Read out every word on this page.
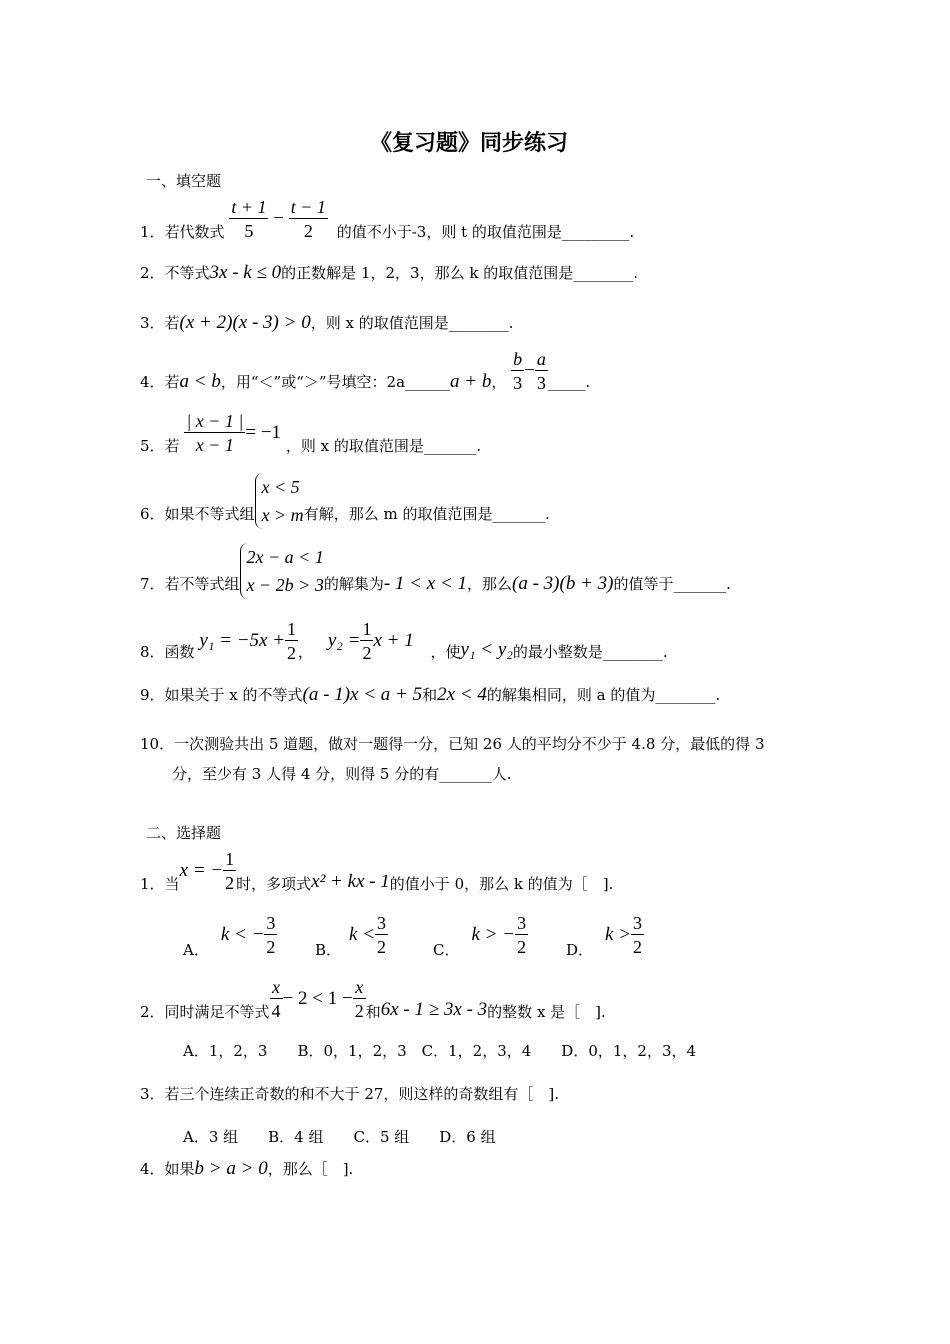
《复习题》同步练习
一、填空题
1．若代数式 $\frac{t + 1}{5} - \frac{t - 1}{2}$ 的值不小于-3，则 t 的取值范围是_________.
2．不等式3x - k ≤ 0的正数解是 1，2，3，那么 k 的取值范围是________.
3．若(x + 2)(x - 3) > 0，则 x 的取值范围是________.
4．若a < b，用“＜”或“＞”号填空：2a______a + b， $\frac{b}{3} - \frac{a}{3}$ _____.
5．若 $\frac{| x - 1 |}{x - 1} = -1$ ，则 x 的取值范围是_______.
6．如果不等式组
x < 5
x > m 有解，那么 m 的取值范围是_______.
7．若不等式组
2x − a < 1
x − 2b > 3 的解集为- 1 < x < 1，那么(a - 3)(b + 3)的值等于_______.
8．函数 $y_1 = -5x + \frac{1}{2}$ ， $y_2 = \frac{1}{2}$ x + 1 ，使y₁ < y₂的最小整数是________.
9．如果关于 x 的不等式(a - 1)x < a + 5和2x < 4的解集相同，则 a 的值为________.
10．一次测验共出 5 道题，做对一题得一分，已知 26 人的平均分不少于 4.8 分，最低的得 3
分，至少有 3 人得 4 分，则得 5 分的有_______人.
二、选择题
1．当x = − $\frac{1}{2}$ 时，多项式x² + kx - 1的值小于 0，那么 k 的值为［　].
A．k < − $\frac{3}{2}$	B．$k < \frac{3}{2}$	C．k > − $\frac{3}{2}$	D．$k > \frac{3}{2}$
2．同时满足不等式 $\frac{x}{4} - 2 < 1 - \frac{x}{2}$ 和6x - 1 ≥ 3x - 3的整数 x 是［　].
A．1，2，3　　B．0，1，2，3　C．1，2，3，4　　D．0，1，2，3，4
3．若三个连续正奇数的和不大于 27，则这样的奇数组有［　].
A．3 组　　B．4 组　　C．5 组　　D．6 组
4．如果b > a > 0，那么［　].
